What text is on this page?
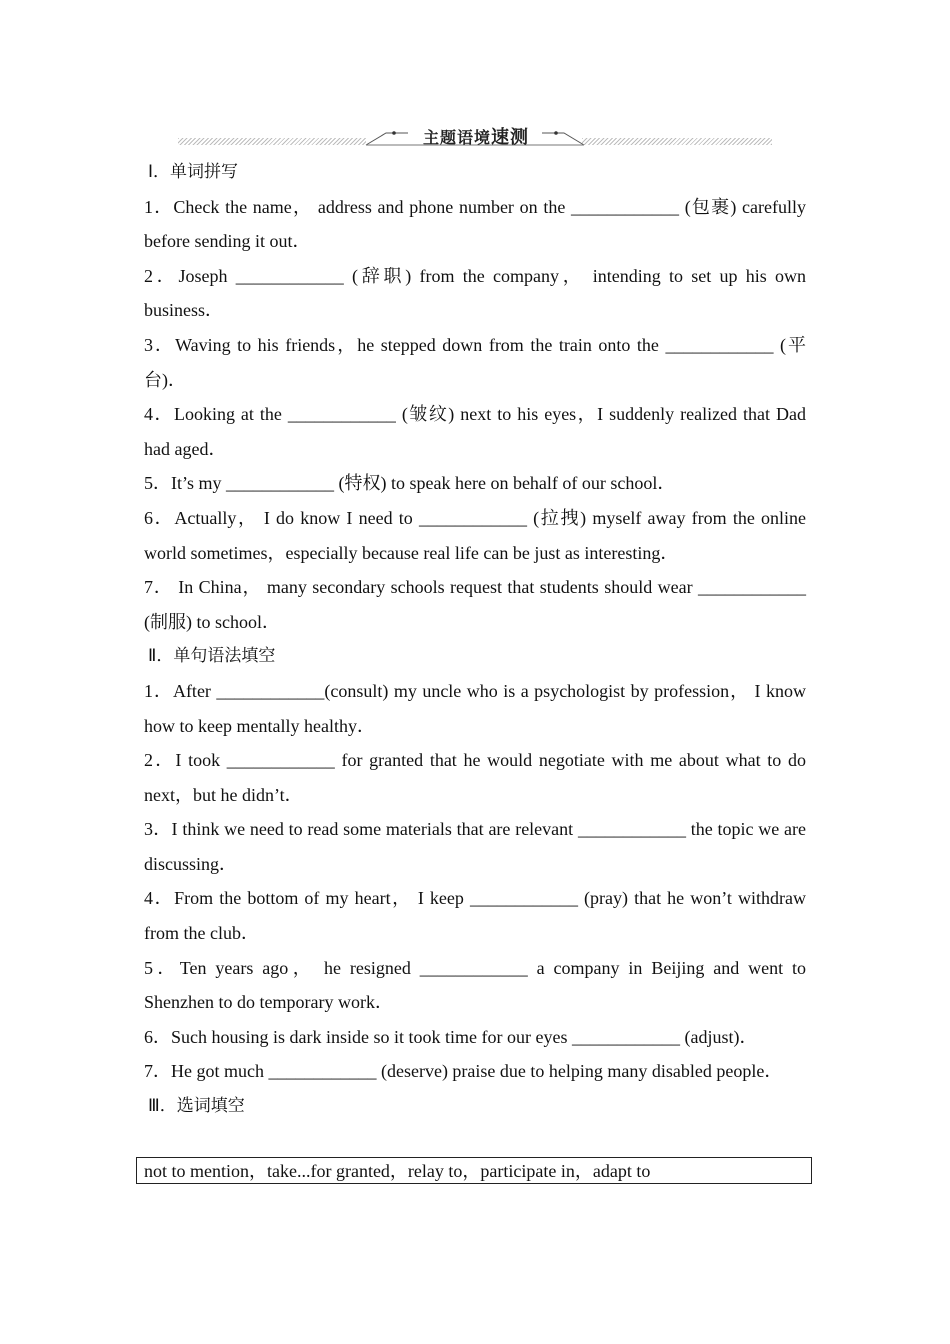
主题语境速测
Ⅰ．单词拼写
1．Check the name， address and phone number on the ____________ (包裹) carefully before sending it out．
2．Joseph ____________ (辞职) from the company， intending to set up his own business．
3．Waving to his friends，he stepped down from the train onto the ____________ (平台)．
4．Looking at the ____________ (皱纹) next to his eyes，I suddenly realized that Dad had aged．
5．It’s my ____________ (特权) to speak here on behalf of our school．
6．Actually， I do know I need to ____________ (拉拽) myself away from the online world sometimes，especially because real life can be just as interesting．
7． In China， many secondary schools request that students should wear ____________ (制服) to school．
Ⅱ．单句语法填空
1．After ____________(consult) my uncle who is a psychologist by profession， I know how to keep mentally healthy．
2．I took ____________ for granted that he would negotiate with me about what to do next，but he didn’t．
3．I think we need to read some materials that are relevant ____________ the topic we are discussing．
4．From the bottom of my heart， I keep ____________ (pray) that he won’t withdraw from the club．
5．Ten years ago， he resigned ____________ a company in Beijing and went to Shenzhen to do temporary work．
6．Such housing is dark inside so it took time for our eyes ____________ (adjust)．
7．He got much ____________ (deserve) praise due to helping many disabled people．
Ⅲ．选词填空
not to mention，take...for granted，relay to，participate in，adapt to
